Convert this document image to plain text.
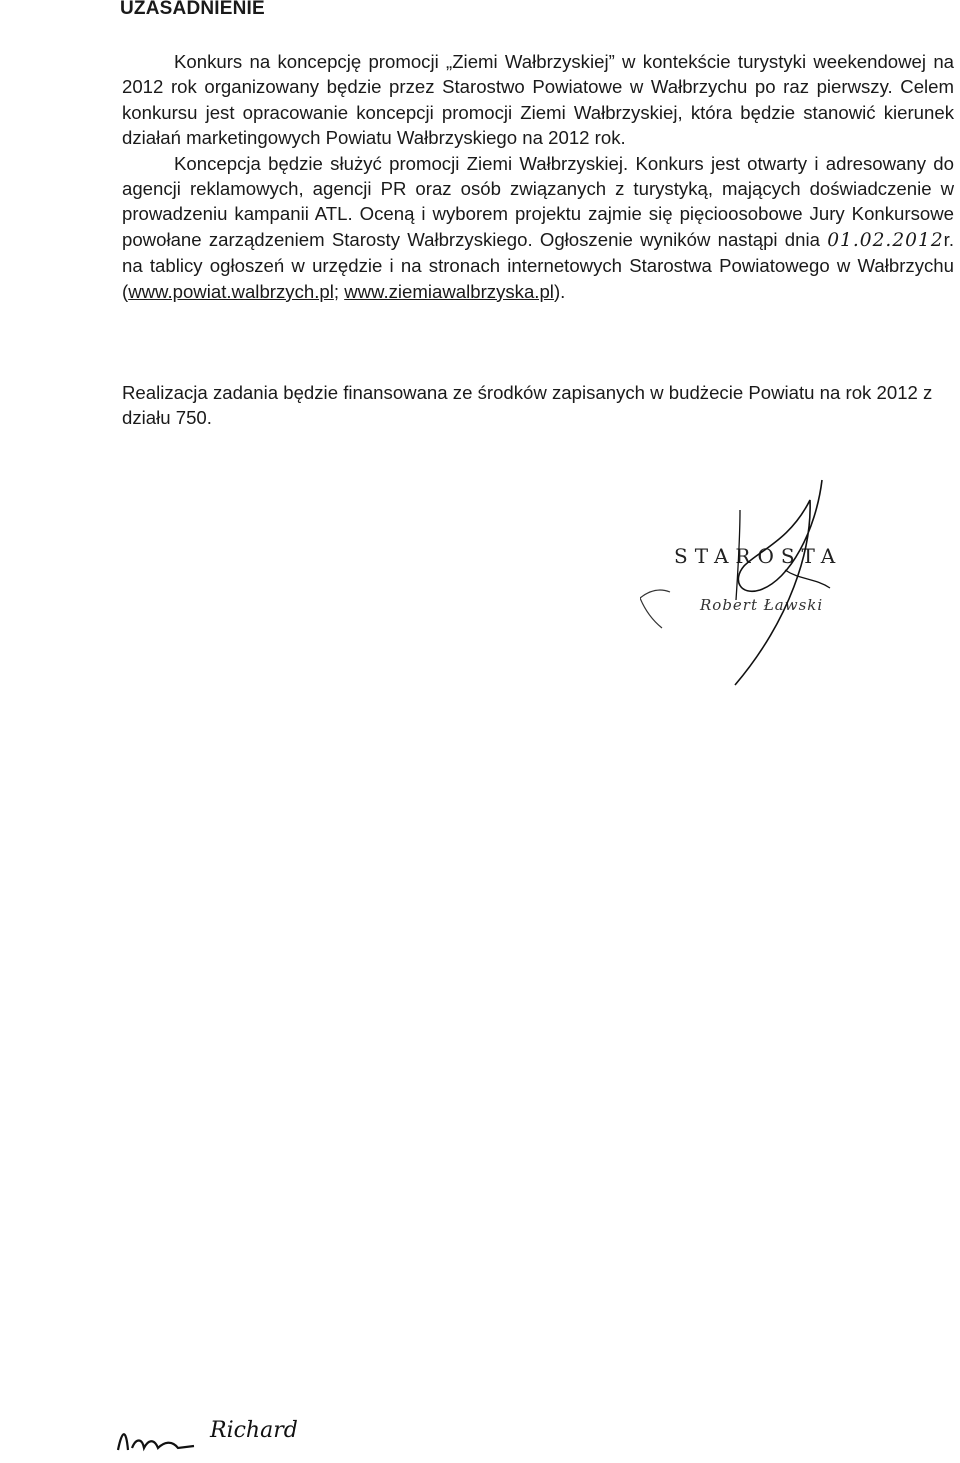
UZASADNIENIE
Konkurs na koncepcję promocji „Ziemi Wałbrzyskiej” w kontekście turystyki weekendowej na 2012 rok organizowany będzie przez Starostwo Powiatowe w Wałbrzychu po raz pierwszy. Celem konkursu jest opracowanie koncepcji promocji Ziemi Wałbrzyskiej, która będzie stanowić kierunek działań marketingowych Powiatu Wałbrzyskiego na 2012 rok.
Koncepcja będzie służyć promocji Ziemi Wałbrzyskiej. Konkurs jest otwarty i adresowany do agencji reklamowych, agencji PR oraz osób związanych z turystyką, mających doświadczenie w prowadzeniu kampanii ATL. Oceną i wyborem projektu zajmie się pięcioosobowe Jury Konkursowe powołane zarządzeniem Starosty Wałbrzyskiego. Ogłoszenie wyników nastąpi dnia 01.02.2012r. na tablicy ogłoszeń w urzędzie i na stronach internetowych Starostwa Powiatowego w Wałbrzychu (www.powiat.walbrzych.pl; www.ziemiawalbrzyska.pl).
Realizacja zadania będzie finansowana ze środków zapisanych w budżecie Powiatu na rok 2012 z działu 750.
STAROSTA
Robert Ławski
Richard
